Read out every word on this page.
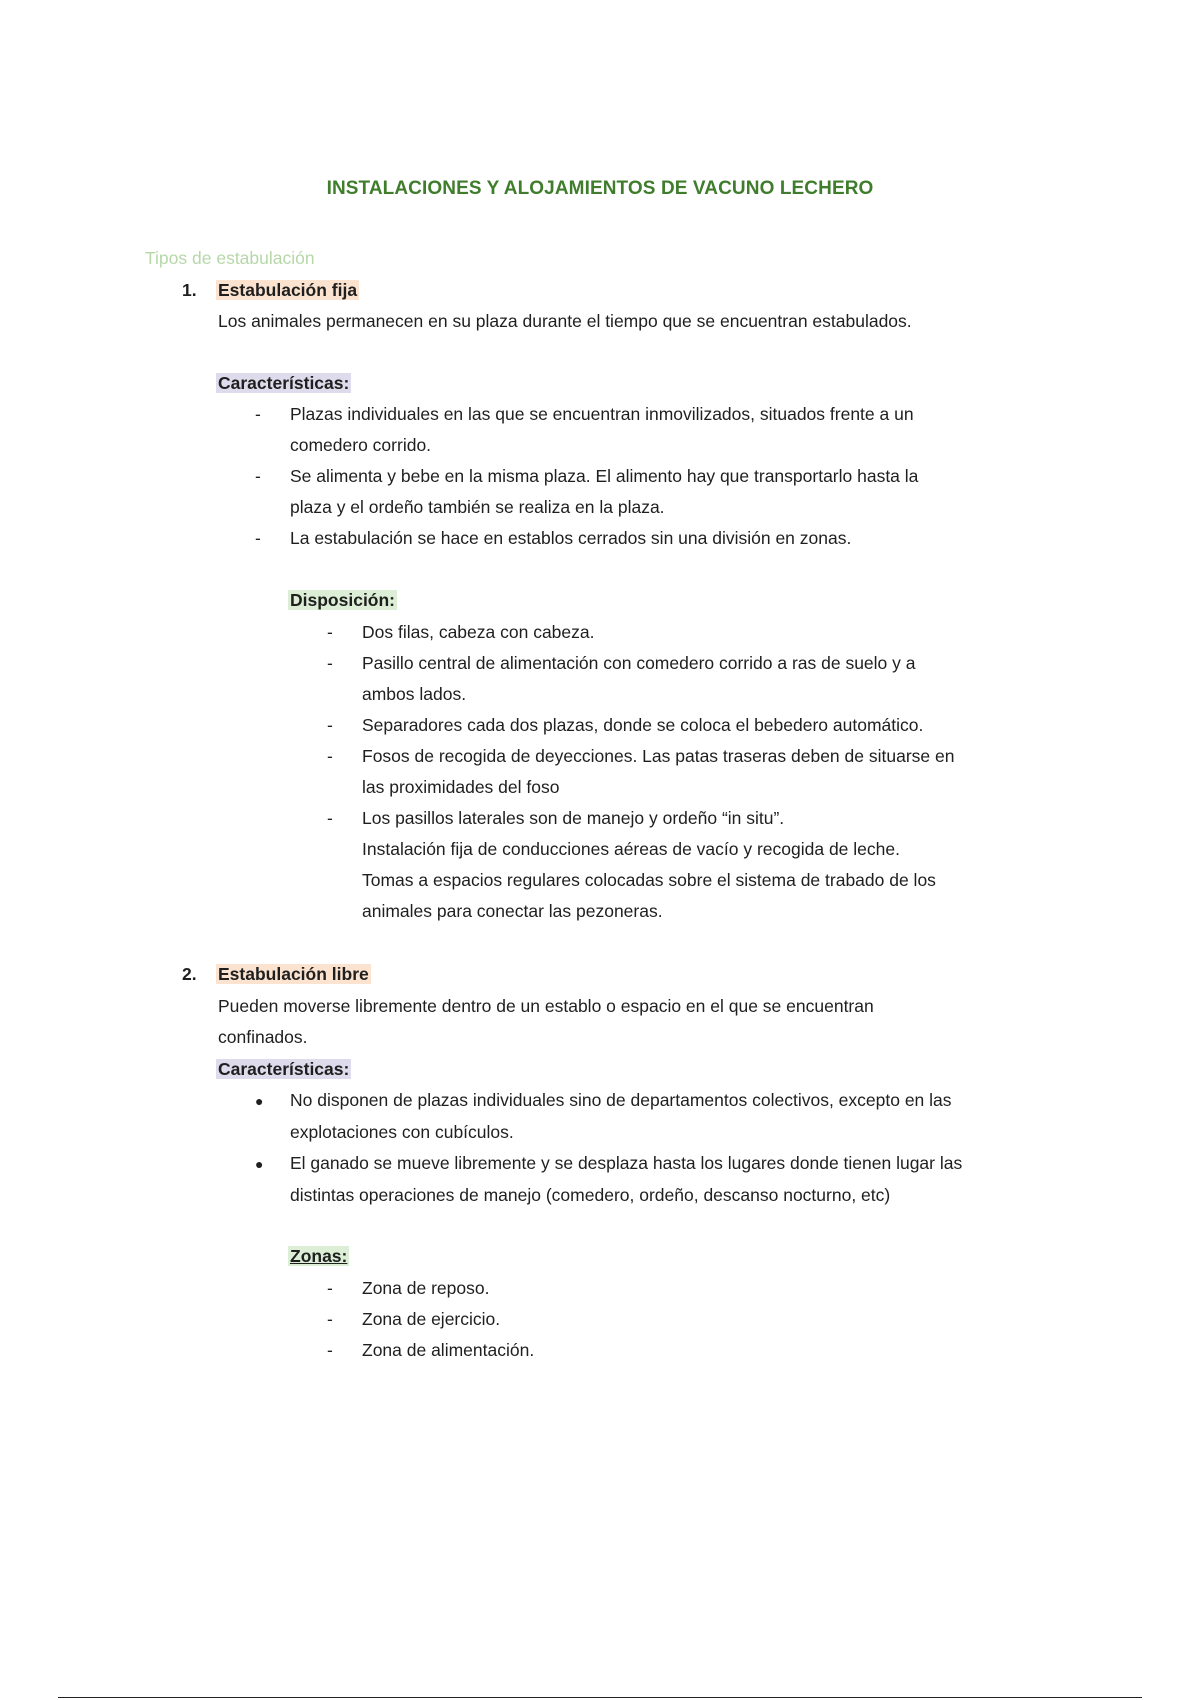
INSTALACIONES Y ALOJAMIENTOS DE VACUNO LECHERO
Tipos de estabulación
1. Estabulación fija
Los animales permanecen en su plaza durante el tiempo que se encuentran estabulados.
Características:
- Plazas individuales en las que se encuentran inmovilizados, situados frente a un
comedero corrido.
- Se alimenta y bebe en la misma plaza. El alimento hay que transportarlo hasta la
plaza y el ordeño también se realiza en la plaza.
- La estabulación se hace en establos cerrados sin una división en zonas.
Disposición:
- Dos filas, cabeza con cabeza.
- Pasillo central de alimentación con comedero corrido a ras de suelo y a
ambos lados.
- Separadores cada dos plazas, donde se coloca el bebedero automático.
- Fosos de recogida de deyecciones. Las patas traseras deben de situarse en
las proximidades del foso
- Los pasillos laterales son de manejo y ordeño “in situ”.
Instalación fija de conducciones aéreas de vacío y recogida de leche.
Tomas a espacios regulares colocadas sobre el sistema de trabado de los
animales para conectar las pezoneras.
2. Estabulación libre
Pueden moverse libremente dentro de un establo o espacio en el que se encuentran
confinados.
Características:
● No disponen de plazas individuales sino de departamentos colectivos, excepto en las
explotaciones con cubículos.
● El ganado se mueve libremente y se desplaza hasta los lugares donde tienen lugar las
distintas operaciones de manejo (comedero, ordeño, descanso nocturno, etc)
Zonas:
- Zona de reposo.
- Zona de ejercicio.
- Zona de alimentación.
